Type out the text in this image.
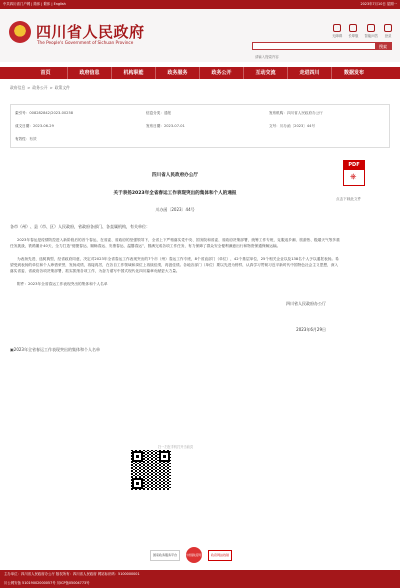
中共四川省门户网 | 简体 | 繁体 | English	2023年7月10日 星期一
四川省人民政府
The People's Government of Sichuan Province
无障碍 长辈版 智能问答 登录
请输入搜索内容
搜索
首页	政府信息	机构职能	政务服务	政务公开	互动交流	走进四川	数据发布
政府信息 > 政务公开 > 政策文件
索引号：008282842/2023-00258	信息分类：通报	发布机构：四川省人民政府办公厅
成文日期：2023-06-29	发布日期：2023-07-01	文号：川办函〔2023〕44号
有效性：有效
四川省人民政府办公厅
关于表扬2023年全省春运工作表现突出的集体和个人的通报
川办函〔2023〕44号
各市（州）、县（市、区）人民政府，省政府各部门、各直属机构，有关单位：

2023年春运是疫情防控进入新阶段后的首个春运，在省委、省政府的坚强领导下，全省上下严格落实党中央、国务院和省委、省政府决策部署，统筹工作专班，克服返乡潮、旅游热、极端天气等多重任务挑战，铁路累计40天，全力打造“便捷春运、顺畅春运、安康春运、温馨春运”，圆满完成各项工作任务，有力保障了群众安全便利满意出行和物资保通保畅运输。

为表扬先进、选树典型，经省政府同意，决定对2023年全省春运工作表现突出的7个市（州）春运工作专班，8个省直部门（单位），42个基层单位，25个相关企业以及138名个人予以通报表扬。希望受到表扬的单位和个人珍惜荣誉，发扬成绩，再接再厉，在各自工作领域和岗位上再续佳绩，再创佳绩。各地各部门（单位）要以先进为榜样，认真学习贯彻习近平新时代中国特色社会主义思想，深入落实省委、省政府各项决策部署，抓实抓细各项工作，为奋力谱写中国式现代化四川篇章贡献更大力量。

附件：2023年全省春运工作表现突出的集体和个人名单

四川省人民政府办公厅
2023年6月29日
▣2023年全省春运工作表现突出的集体和个人名单
扫一扫在手机打开当前页
PDF
⎈
点击下载此文件
国家政务服务平台	中国政府网	政府网站找错
主办单位：四川省人民政府办公厅 版权所有：四川省人民政府 网站标识码：5100000001
川公网安备 51019002000057号 川ICP备05004773号
